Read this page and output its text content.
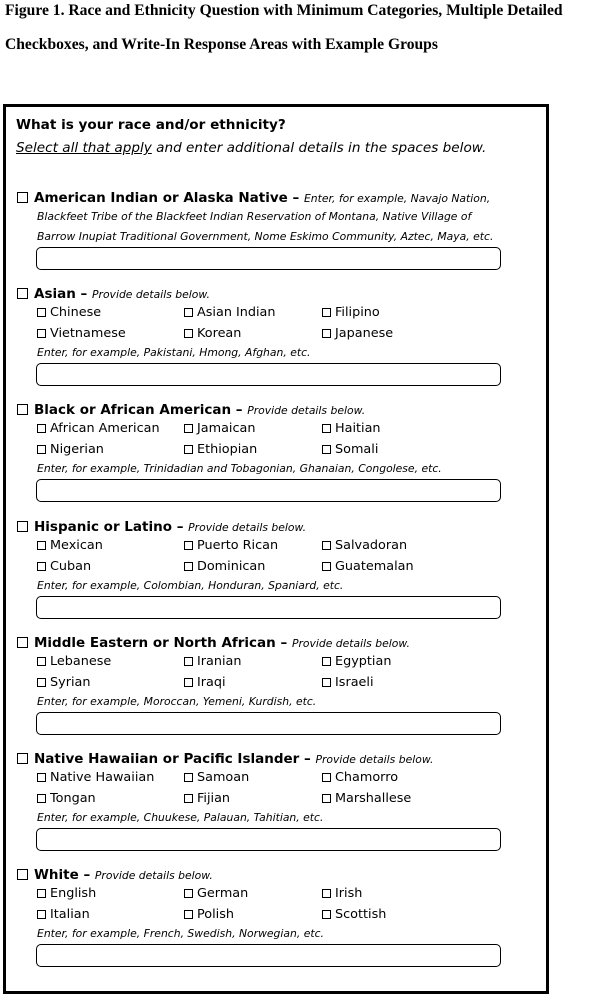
Figure 1. Race and Ethnicity Question with Minimum Categories, Multiple Detailed
Checkboxes, and Write-In Response Areas with Example Groups
What is your race and/or ethnicity?
Select all that apply and enter additional details in the spaces below.
American Indian or Alaska Native – Enter, for example, Navajo Nation,
Blackfeet Tribe of the Blackfeet Indian Reservation of Montana, Native Village of
Barrow Inupiat Traditional Government, Nome Eskimo Community, Aztec, Maya, etc.
Asian – Provide details below.
Chinese	Asian Indian	Filipino
Vietnamese	Korean	Japanese
Enter, for example, Pakistani, Hmong, Afghan, etc.
Black or African American – Provide details below.
African American	Jamaican	Haitian
Nigerian	Ethiopian	Somali
Enter, for example, Trinidadian and Tobagonian, Ghanaian, Congolese, etc.
Hispanic or Latino – Provide details below.
Mexican	Puerto Rican	Salvadoran
Cuban	Dominican	Guatemalan
Enter, for example, Colombian, Honduran, Spaniard, etc.
Middle Eastern or North African – Provide details below.
Lebanese	Iranian	Egyptian
Syrian	Iraqi	Israeli
Enter, for example, Moroccan, Yemeni, Kurdish, etc.
Native Hawaiian or Pacific Islander – Provide details below.
Native Hawaiian	Samoan	Chamorro
Tongan	Fijian	Marshallese
Enter, for example, Chuukese, Palauan, Tahitian, etc.
White – Provide details below.
English	German	Irish
Italian	Polish	Scottish
Enter, for example, French, Swedish, Norwegian, etc.
